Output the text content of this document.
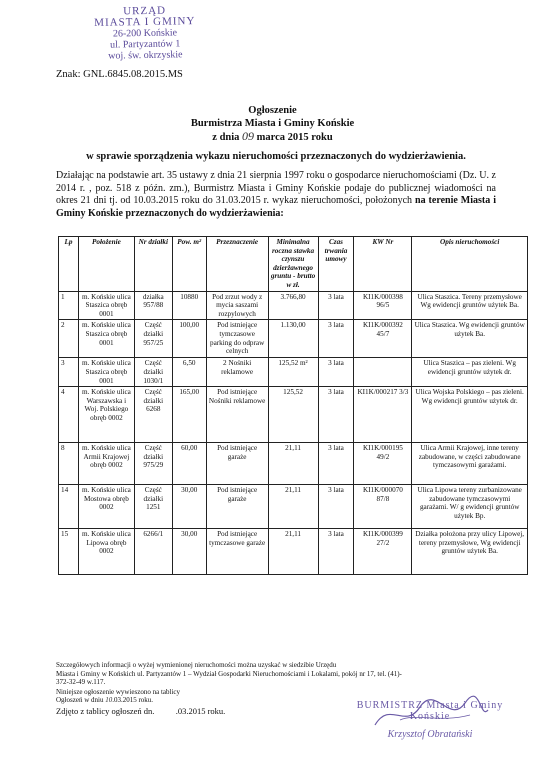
URZĄD
MIASTA I GMINY
26-200 Końskie
ul. Partyzantów 1
woj. św. okrzyskie
Znak: GNL.6845.08.2015.MS
Ogłoszenie
Burmistrza Miasta i Gminy Końskie
z dnia 09 marca 2015 roku
w sprawie sporządzenia wykazu nieruchomości przeznaczonych do wydzierżawienia.
Działając na podstawie art. 35 ustawy z dnia 21 sierpnia 1997 roku o gospodarce nieruchomościami (Dz. U. z 2014 r. , poz. 518 z późn. zm.), Burmistrz Miasta i Gminy Końskie podaje do publicznej wiadomości na okres 21 dni tj. od 10.03.2015 roku do 31.03.2015 r. wykaz nieruchomości, położonych na terenie Miasta i Gminy Końskie przeznaczonych do wydzierżawienia:
Lp	Położenie	Nr działki	Pow. m²	Przeznaczenie	Minimalna roczna stawka czynszu dzierżawnego gruntu - brutto w zł.	Czas trwania umowy	KW Nr	Opis nieruchomości
1	m. Końskie ulica Staszica obręb 0001	działka 957/88	10880	Pod zrzut wody z mycia saszami rozpylowych	3.766,80	3 lata	KI1K/000398 96/5	Ulica Staszica. Tereny przemysłowe Wg ewidencji gruntów użytek Ba.
2	m. Końskie ulica Staszica obręb 0001	Część działki 957/25	100,00	Pod istniejące tymczasowe parking do odpraw celnych	1.130,00	3 lata	KI1K/000392 45/7	Ulica Staszica. Wg ewidencji gruntów użytek Ba.
3	m. Końskie ulica Staszica obręb 0001	Część działki 1030/1	6,50	2 Nośniki reklamowe	125,52 m²	3 lata		Ulica Staszica – pas zieleni. Wg ewidencji gruntów użytek dr.
4	m. Końskie ulica Warszawska i Woj. Polskiego obręb 0002	Część działki 6268	165,00	Pod istniejące Nośniki reklamowe	125,52	3 lata	KI1K/000217 3/3	Ulica Wojska Polskiego – pas zieleni. Wg ewidencji gruntów użytek dr.
8	m. Końskie ulica Armii Krajowej obręb 0002	Część działki 975/29	60,00	Pod istniejące garaże	21,11	3 lata	KI1K/000195 49/2	Ulica Armii Krajowej, inne tereny zabudowane, w części zabudowane tymczasowymi garażami.
14	m. Końskie ulica Mostowa obręb 0002	Część działki 1251	30,00	Pod istniejące garaże	21,11	3 lata	KI1K/000070 87/8	Ulica Lipowa tereny zurbanizowane zabudowane tymczasowymi garażami. W/ g ewidencji gruntów użytek Bp.
15	m. Końskie ulica Lipowa obręb 0002	6266/1	30,00	Pod istniejące tymczasowe garaże	21,11	3 lata	KI1K/000399 27/2	Działka położona przy ulicy Lipowej, tereny przemysłowe, Wg ewidencji gruntów użytek Ba.
Szczegółowych informacji o wyżej wymienionej nieruchomości można uzyskać w siedzibie Urzędu
Miasta i Gminy w Końskich ul. Partyzantów 1 – Wydział Gospodarki Nieruchomościami i Lokalami, pokój nr 17, tel. (41)-
372-32-49 w.117.
Niniejsze ogłoszenie wywieszono na tablicy
Ogłoszeń w dniu 10.03.2015 roku.
Zdjęto z tablicy ogłoszeń dn.	.03.2015 roku.	BURMISTRZ Miasta i Gminy Końskie
Krzysztof Obratański
